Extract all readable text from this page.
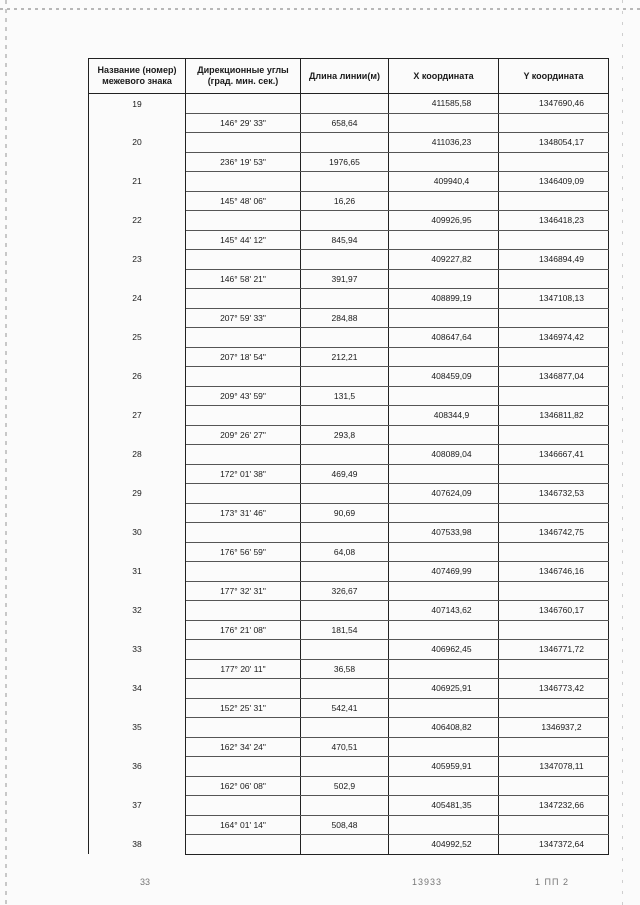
Название (номер) межевого знака	Дирекционные углы (град. мин. сек.)	Длина линии(м)	X координата	Y координата
19			411585,58	1347690,46
	146° 29' 33"	658,64		
20			411036,23	1348054,17
	236° 19' 53"	1976,65		
21			409940,4	1346409,09
	145° 48' 06"	16,26		
22			409926,95	1346418,23
	145° 44' 12"	845,94		
23			409227,82	1346894,49
	146° 58' 21"	391,97		
24			408899,19	1347108,13
	207° 59' 33"	284,88		
25			408647,64	1346974,42
	207° 18' 54"	212,21		
26			408459,09	1346877,04
	209° 43' 59"	131,5		
27			408344,9	1346811,82
	209° 26' 27"	293,8		
28			408089,04	1346667,41
	172° 01' 38"	469,49		
29			407624,09	1346732,53
	173° 31' 46"	90,69		
30			407533,98	1346742,75
	176° 56' 59"	64,08		
31			407469,99	1346746,16
	177° 32' 31"	326,67		
32			407143,62	1346760,17
	176° 21' 08"	181,54		
33			406962,45	1346771,72
	177° 20' 11"	36,58		
34			406925,91	1346773,42
	152° 25' 31"	542,41		
35			406408,82	1346937,2
	162° 34' 24"	470,51		
36			405959,91	1347078,11
	162° 06' 08"	502,9		
37			405481,35	1347232,66
	164° 01' 14"	508,48		
38			404992,52	1347372,64
33	13933	1 ПП 2
